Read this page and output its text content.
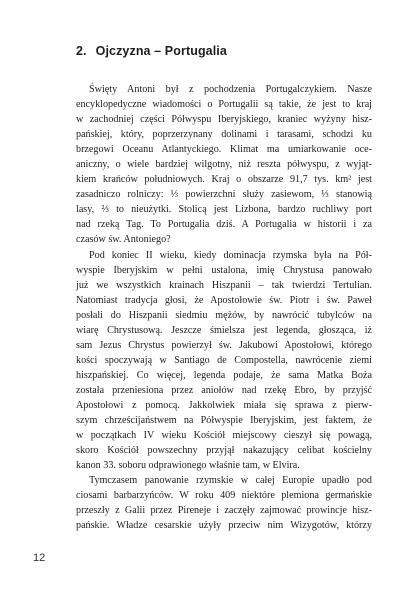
2. Ojczyzna – Portugalia
Święty Antoni był z pochodzenia Portugalczykiem. Nasze
encyklopedyczne wiadomości o Portugalii są takie, że jest to kraj
w zachodniej części Półwyspu Iberyjskiego, kraniec wyżyny hisz-
pańskiej, który, poprzerzynany dolinami i tarasami, schodzi ku
brzegowi Oceanu Atlantyckiego. Klimat ma umiarkowanie oce-
aniczny, o wiele bardziej wilgotny, niż reszta półwyspu, z wyjąt-
kiem krańców południowych. Kraj o obszarze 91,7 tys. km² jest
zasadniczo rolniczy: ⅓ powierzchni służy zasiewom, ⅓ stanowią
lasy, ⅔ to nieużytki. Stolicą jest Lizbona, bardzo ruchliwy port
nad rzeką Tag. To Portugalia dziś. A Portugalia w historii i za
czasów św. Antoniego?
Pod koniec II wieku, kiedy dominacja rzymska była na Pół-
wyspie Iberyjskim w pełni ustalona, imię Chrystusa panowało
już we wszystkich krainach Hiszpanii – tak twierdzi Tertulian.
Natomiast tradycja głosi, że Apostołowie św. Piotr i św. Paweł
posłali do Hiszpanii siedmiu mężów, by nawrócić tubylców na
wiarę Chrystusową. Jeszcze śmielsza jest legenda, głosząca, iż
sam Jezus Chrystus powierzył św. Jakubowi Apostołowi, którego
kości spoczywają w Santiago de Compostella, nawrócenie ziemi
hiszpańskiej. Co więcej, legenda podaje, że sama Matka Boża
została przeniesiona przez aniołów nad rzekę Ebro, by przyjść
Apostołowi z pomocą. Jakkolwiek miała się sprawa z pierw-
szym chrześcijaństwem na Półwyspie Iberyjskim, jest faktem, że
w początkach IV wieku Kościół miejscowy cieszył się powagą,
skoro Kościół powszechny przyjął nakazujący celibat kościelny
kanon 33. soboru odprawionego właśnie tam, w Elvira.
Tymczasem panowanie rzymskie w całej Europie upadło pod
ciosami barbarzyńców. W roku 409 niektóre plemiona germańskie
przeszły z Galii przez Pireneje i zaczęły zajmować prowincje hisz-
pańskie. Władze cesarskie użyły przeciw nim Wizygotów, którzy
12
